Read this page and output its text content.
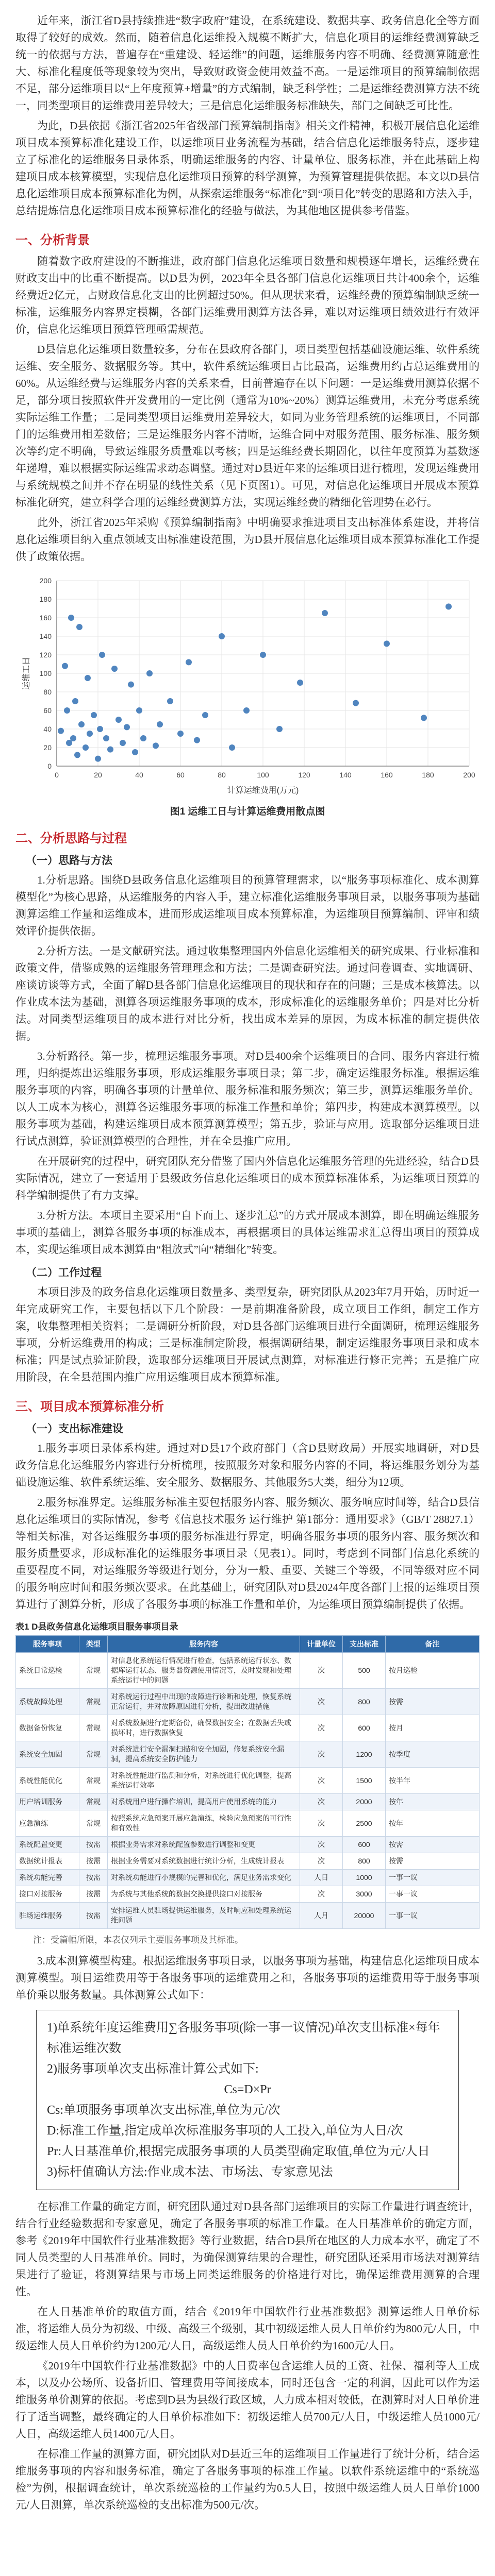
近年来，浙江省D县持续推进“数字政府”建设，在系统建设、数据共享、政务信息化全等方面取得了较好的成效。然而，随着信息化运维投入规模不断扩大，信息化项目的运维经费测算缺乏统一的依据与方法，普遍存在“重建设、轻运维”的问题，运维服务内容不明确、经费测算随意性大、标准化程度低等现象较为突出，导致财政资金使用效益不高。一是运维项目的预算编制依据不足，部分运维项目以“上年度预算+增量”的方式编制，缺乏科学性；二是运维经费测算方法不统一，同类型项目的运维费用差异较大；三是信息化运维服务标准缺失，部门之间缺乏可比性。

为此，D县依据《浙江省2025年省级部门预算编制指南》相关文件精神，积极开展信息化运维项目成本预算标准化建设工作，以运维项目业务流程为基础，结合信息化运维服务特点，逐步建立了标准化的运维服务目录体系，明确运维服务的内容、计量单位、服务标准，并在此基础上构建项目成本核算模型，实现信息化运维项目预算的科学测算，为预算管理提供依据。本文以D县信息化运维项目成本预算标准化为例，从探索运维服务“标准化”到“项目化”转变的思路和方法入手，总结提炼信息化运维项目成本预算标准化的经验与做法，为其他地区提供参考借鉴。

一、分析背景

随着数字政府建设的不断推进，政府部门信息化运维项目数量和规模逐年增长，运维经费在财政支出中的比重不断提高。以D县为例，2023年全县各部门信息化运维项目共计400余个，运维经费近2亿元，占财政信息化支出的比例超过50%。但从现状来看，运维经费的预算编制缺乏统一标准，运维服务内容界定模糊，各部门运维费用测算方法各异，难以对运维项目绩效进行有效评价，信息化运维项目预算管理亟需规范。

D县信息化运维项目数量较多，分布在县政府各部门，项目类型包括基础设施运维、软件系统运维、安全服务、数据服务等。其中，软件系统运维项目占比最高，运维费用约占总运维费用的60%。从运维经费与运维服务内容的关系来看，目前普遍存在以下问题：一是运维费用测算依据不足，部分项目按照软件开发费用的一定比例（通常为10%~20%）测算运维费用，未充分考虑系统实际运维工作量；二是同类型项目运维费用差异较大，如同为业务管理系统的运维项目，不同部门的运维费用相差数倍；三是运维服务内容不清晰，运维合同中对服务范围、服务标准、服务频次等约定不明确，导致运维服务质量难以考核；四是运维经费长期固化，以往年度预算为基数逐年递增，难以根据实际运维需求动态调整。通过对D县近年来的运维项目进行梳理，发现运维费用与系统规模之间并不存在明显的线性关系（见下页图1）。可见，对信息化运维项目开展成本预算标准化研究，建立科学合理的运维经费测算方法，实现运维经费的精细化管理势在必行。

此外，浙江省2025年采购《预算编制指南》中明确要求推进项目支出标准体系建设，并将信息化运维项目纳入重点领域支出标准建设范围，为D县开展信息化运维项目成本预算标准化工作提供了政策依据。

0	20	40	60	80	100	120	140	160	180	200
0
20
40
60
80
100
120
140
160
180
200
计算运维费用(万元)
运维工日
图1 运维工日与计算运维费用散点图
二、分析思路与过程
（一）思路与方法

1.分析思路。围绕D县政务信息化运维项目的预算管理需求，以“服务事项标准化、成本测算模型化”为核心思路，从运维服务的内容入手，建立标准化运维服务事项目录，以服务事项为基础测算运维工作量和运维成本，进而形成运维项目成本预算标准，为运维项目预算编制、评审和绩效评价提供依据。

2.分析方法。一是文献研究法。通过收集整理国内外信息化运维相关的研究成果、行业标准和政策文件，借鉴成熟的运维服务管理理念和方法；二是调查研究法。通过问卷调查、实地调研、座谈访谈等方式，全面了解D县各部门信息化运维项目的现状和存在的问题；三是成本核算法。以作业成本法为基础，测算各项运维服务事项的成本，形成标准化的运维服务单价；四是对比分析法。对同类型运维项目的成本进行对比分析，找出成本差异的原因，为成本标准的制定提供依据。

3.分析路径。第一步，梳理运维服务事项。对D县400余个运维项目的合同、服务内容进行梳理，归纳提炼出运维服务事项，形成运维服务事项目录；第二步，确定运维服务标准。根据运维服务事项的内容，明确各事项的计量单位、服务标准和服务频次；第三步，测算运维服务单价。以人工成本为核心，测算各运维服务事项的标准工作量和单价；第四步，构建成本测算模型。以服务事项为基础，构建运维项目成本预算测算模型；第五步，验证与应用。选取部分运维项目进行试点测算，验证测算模型的合理性，并在全县推广应用。

在开展研究的过程中，研究团队充分借鉴了国内外信息化运维服务管理的先进经验，结合D县实际情况，建立了一套适用于县级政务信息化运维项目的成本预算标准体系，为运维项目预算的科学编制提供了有力支撑。

3.分析方法。本项目主要采用“自下而上、逐步汇总”的方式开展成本测算，即在明确运维服务事项的基础上，测算各服务事项的标准成本，再根据项目的具体运维需求汇总得出项目的预算成本，实现运维项目成本测算由“粗放式”向“精细化”转变。

（二）工作过程

本项目涉及的政务信息化运维项目数量多、类型复杂，研究团队从2023年7月开始，历时近一年完成研究工作，主要包括以下几个阶段：一是前期准备阶段，成立项目工作组，制定工作方案，收集整理相关资料；二是调研分析阶段，对D县各部门运维项目进行全面调研，梳理运维服务事项，分析运维费用的构成；三是标准制定阶段，根据调研结果，制定运维服务事项目录和成本标准；四是试点验证阶段，选取部分运维项目开展试点测算，对标准进行修正完善；五是推广应用阶段，在全县范围内推广应用运维项目成本预算标准。

三、项目成本预算标准分析
（一）支出标准建设

1.服务事项目录体系构建。通过对D县17个政府部门（含D县财政局）开展实地调研，对D县政务信息化运维服务内容进行分析梳理，按照服务对象和服务内容的不同，将运维服务划分为基础设施运维、软件系统运维、安全服务、数据服务、其他服务5大类，细分为12项。

2.服务标准界定。运维服务标准主要包括服务内容、服务频次、服务响应时间等，结合D县信息化运维项目的实际情况，参考《信息技术服务 运行维护 第1部分：通用要求》（GB/T 28827.1）等相关标准，对各运维服务事项的服务标准进行界定，明确各服务事项的服务内容、服务频次和服务质量要求，形成标准化的运维服务事项目录（见表1）。同时，考虑到不同部门信息化系统的重要程度不同，对运维服务等级进行划分，分为一般、重要、关键三个等级，不同等级对应不同的服务响应时间和服务频次要求。在此基础上，研究团队对D县2024年度各部门上报的运维项目预算进行了测算分析，形成了各服务事项的标准工作量和单价，为运维项目预算编制提供了依据。

表1 D县政务信息化运维项目服务事项目录
服务事项	类型	服务内容	计量单位	支出标准	备注
系统日常巡检	常规	对信息化系统运行情况进行检查，包括系统运行状态、数据库运行状态、服务器资源使用情况等，及时发现和处理系统运行中的问题	次	500	按月巡检
系统故障处理	常规	对系统运行过程中出现的故障进行诊断和处理，恢复系统正常运行，并对故障原因进行分析，提出改进措施	次	800	按需
数据备份恢复	常规	对系统数据进行定期备份，确保数据安全；在数据丢失或损坏时，进行数据恢复	次	600	按月
系统安全加固	常规	对系统进行安全漏洞扫描和安全加固，修复系统安全漏洞，提高系统安全防护能力	次	1200	按季度
系统性能优化	常规	对系统性能进行监测和分析，对系统进行优化调整，提高系统运行效率	次	1500	按半年
用户培训服务	常规	对系统用户进行操作培训，提高用户使用系统的能力	次	2000	按年
应急演练	常规	按照系统应急预案开展应急演练，检验应急预案的可行性和有效性	次	2500	按年
系统配置变更	按需	根据业务需求对系统配置参数进行调整和变更	次	600	按需
数据统计报表	按需	根据业务需要对系统数据进行统计分析，生成统计报表	次	800	按需
系统功能完善	按需	对系统功能进行小规模的完善和优化，满足业务需求变化	人日	1000	一事一议
接口对接服务	按需	为系统与其他系统的数据交换提供接口对接服务	次	3000	一事一议
驻场运维服务	按需	安排运维人员驻场提供运维服务，及时响应和处理系统运维问题	人月	20000	一事一议
注：受篇幅所限，本表仅列示主要服务事项及其标准。

3.成本测算模型构建。根据运维服务事项目录，以服务事项为基础，构建信息化运维项目成本测算模型。项目运维费用等于各服务事项的运维费用之和，各服务事项的运维费用等于服务事项单价乘以服务数量。具体测算公式如下：

1)单系统年度运维费用∑各服务事项(除一事一议情况)单次支出标准×每年标准运维次数
2)服务事项单次支出标准计算公式如下:
Cs=D×Pr
Cs:单项服务事项单次支出标准,单位为元/次
D:标准工作量,指定成单次标准服务事项的人工投入,单位为人日/次
Pr:人日基准单价,根据完成服务事项的人员类型确定取值,单位为元/人日
3)标杆值确认方法:作业成本法、市场法、专家意见法

在标准工作量的确定方面，研究团队通过对D县各部门运维项目的实际工作量进行调查统计，结合行业经验数据和专家意见，确定了各服务事项的标准工作量。在人日基准单价的确定方面，参考《2019年中国软件行业基准数据》等行业数据，结合D县所在地区的人力成本水平，确定了不同人员类型的人日基准单价。同时，为确保测算结果的合理性，研究团队还采用市场法对测算结果进行了验证，将测算结果与市场上同类运维服务的价格进行对比，确保运维费用测算的合理性。

在人日基准单价的取值方面，结合《2019年中国软件行业基准数据》测算运维人日单价标准，将运维人员分为初级、中级、高级三个级别，其中初级运维人员人日单价约为800元/人日，中级运维人员人日单价约为1200元/人日，高级运维人员人日单价约为1600元/人日。

《2019年中国软件行业基准数据》中的人日费率包含运维人员的工资、社保、福利等人工成本，以及办公场所、设备折旧、管理费用等间接成本，同时还包含一定的利润，因此可以作为运维服务单价测算的依据。考虑到D县为县级行政区域，人力成本相对较低，在测算时对人日单价进行了适当调整，最终确定的人日单价标准如下：初级运维人员700元/人日，中级运维人员1000元/人日，高级运维人员1400元/人日。

在标准工作量的测算方面，研究团队对D县近三年的运维项目工作量进行了统计分析，结合运维服务事项的内容和服务标准，确定了各服务事项的标准工作量。以软件系统运维中的“系统巡检”为例，根据调查统计，单次系统巡检的工作量约为0.5人日，按照中级运维人员人日单价1000元/人日测算，单次系统巡检的支出标准为500元/次。
